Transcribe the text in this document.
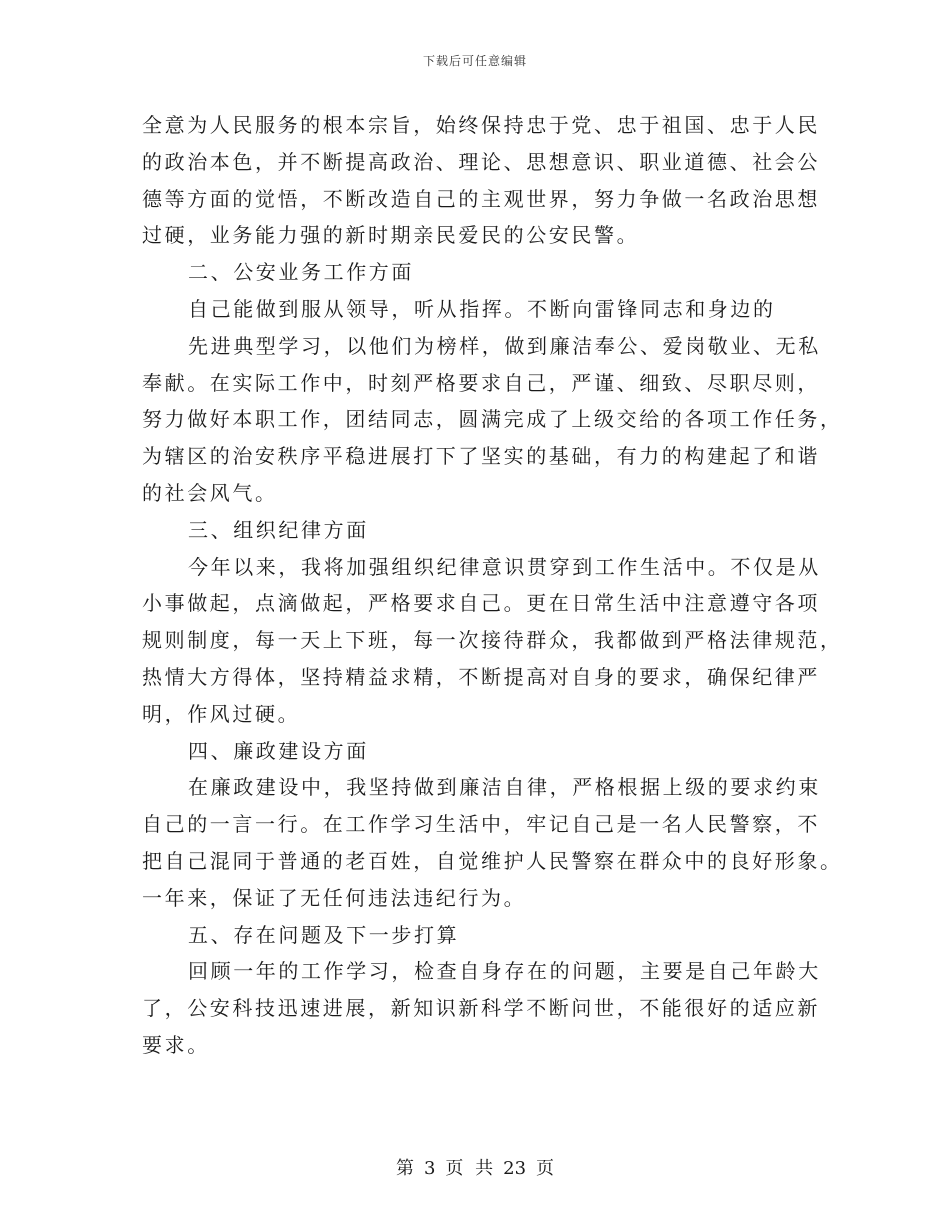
下载后可任意编辑
全意为人民服务的根本宗旨，始终保持忠于党、忠于祖国、忠于人民
的政治本色，并不断提高政治、理论、思想意识、职业道德、社会公
德等方面的觉悟，不断改造自己的主观世界，努力争做一名政治思想
过硬，业务能力强的新时期亲民爱民的公安民警。
二、公安业务工作方面
自己能做到服从领导，听从指挥。不断向雷锋同志和身边的
先进典型学习，以他们为榜样，做到廉洁奉公、爱岗敬业、无私
奉献。在实际工作中，时刻严格要求自己，严谨、细致、尽职尽则，
努力做好本职工作，团结同志，圆满完成了上级交给的各项工作任务，
为辖区的治安秩序平稳进展打下了坚实的基础，有力的构建起了和谐
的社会风气。
三、组织纪律方面
今年以来，我将加强组织纪律意识贯穿到工作生活中。不仅是从
小事做起，点滴做起，严格要求自己。更在日常生活中注意遵守各项
规则制度，每一天上下班，每一次接待群众，我都做到严格法律规范，
热情大方得体，坚持精益求精，不断提高对自身的要求，确保纪律严
明，作风过硬。
四、廉政建设方面
在廉政建设中，我坚持做到廉洁自律，严格根据上级的要求约束
自己的一言一行。在工作学习生活中，牢记自己是一名人民警察，不
把自己混同于普通的老百姓，自觉维护人民警察在群众中的良好形象。
一年来，保证了无任何违法违纪行为。
五、存在问题及下一步打算
回顾一年的工作学习，检查自身存在的问题，主要是自己年龄大
了，公安科技迅速进展，新知识新科学不断问世，不能很好的适应新
要求。
第 3 页 共 23 页
